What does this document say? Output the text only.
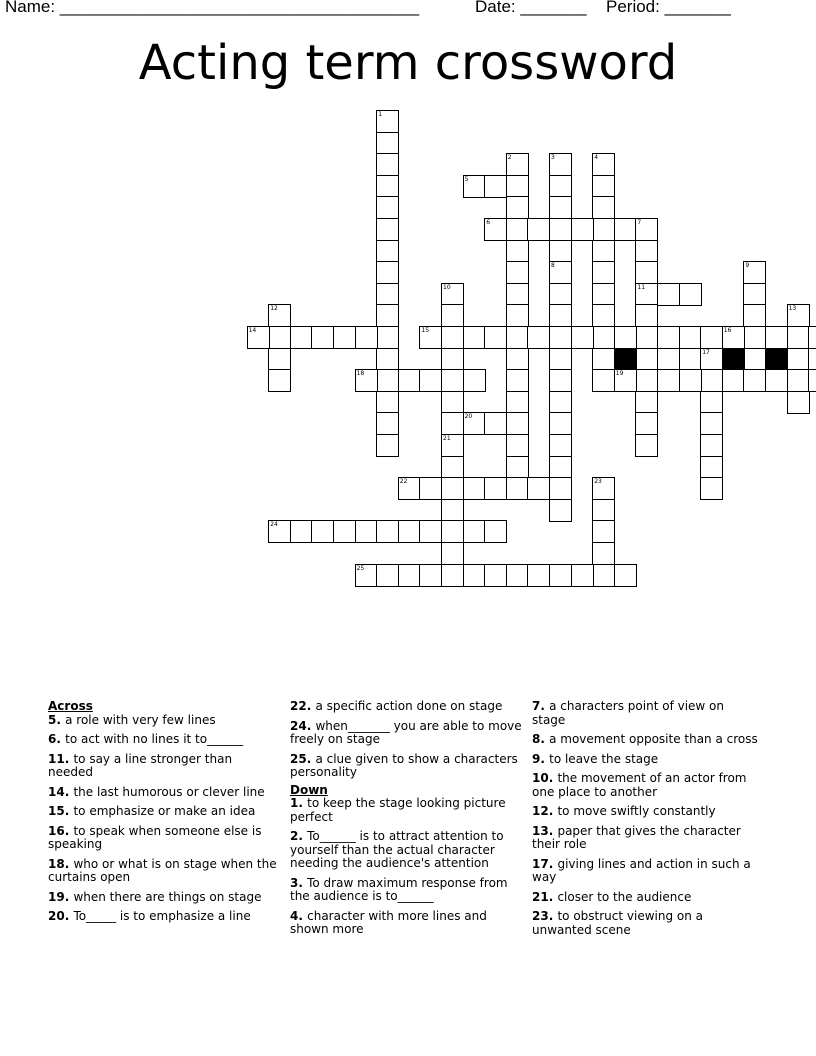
Name: ______________________________________	Date: _______ Period: _______
Acting term crossword
1
2	3
8
4
5
6	7
11
9
10
21
12	13
14	15	16
17
18	19
20
22	23
24
25

Across

5. a role with very few lines
6. to act with no lines it to______
11. to say a line stronger than needed
14. the last humorous or clever line
15. to emphasize or make an idea
16. to speak when someone else is speaking
18. who or what is on stage when the curtains open
19. when there are things on stage
20. To_____ is to emphasize a line
22. a specific action done on stage
24. when_______ you are able to move freely on stage
25. a clue given to show a characters personality

Down

1. to keep the stage looking picture perfect
2. To______ is to attract attention to yourself than the actual character needing the audience's attention
3. To draw maximum response from the audience is to______
4. character with more lines and shown more
7. a characters point of view on stage
8. a movement opposite than a cross
9. to leave the stage
10. the movement of an actor from one place to another
12. to move swiftly constantly
13. paper that gives the character their role
17. giving lines and action in such a way
21. closer to the audience
23. to obstruct viewing on a unwanted scene
